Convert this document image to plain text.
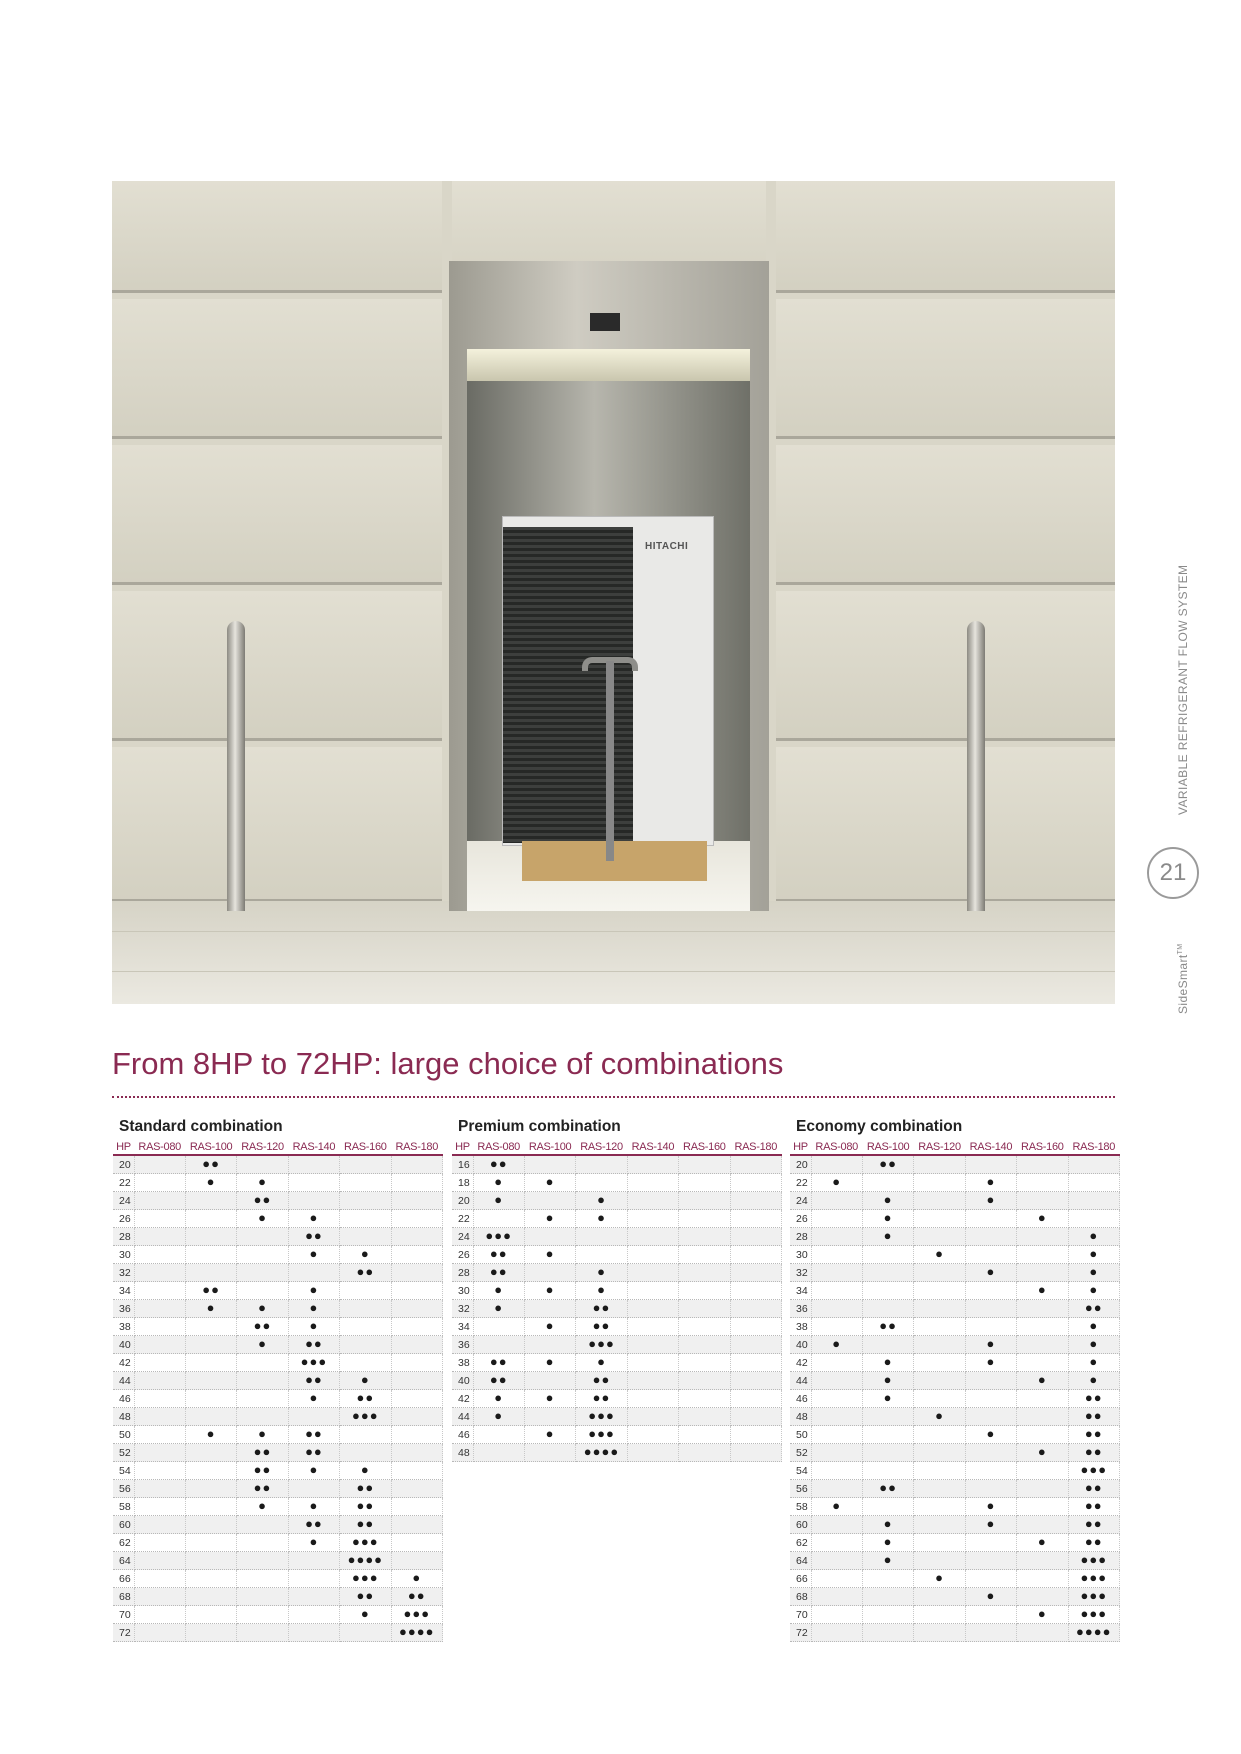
HITACHI
VARIABLE REFRIGERANT FLOW SYSTEM
21
SideSmart™
From 8HP to 72HP: large choice of combinations
Standard combination
HP	RAS-080	RAS-100	RAS-120	RAS-140	RAS-160	RAS-180
20		●●				
22		●	●			
24			●●			
26			●	●		
28				●●		
30				●	●	
32					●●	
34		●●		●		
36		●	●	●		
38			●●	●		
40			●	●●		
42				●●●		
44				●●	●	
46				●	●●	
48					●●●	
50		●	●	●●		
52			●●	●●		
54			●●	●	●	
56			●●		●●	
58			●	●	●●	
60				●●	●●	
62				●	●●●	
64					●●●●	
66					●●●	●
68					●●	●●
70					●	●●●
72						●●●●
Premium combination
HP	RAS-080	RAS-100	RAS-120	RAS-140	RAS-160	RAS-180
16	●●					
18	●	●				
20	●		●			
22		●	●			
24	●●●					
26	●●	●				
28	●●		●			
30	●	●	●			
32	●		●●			
34		●	●●			
36			●●●			
38	●●	●	●			
40	●●		●●			
42	●	●	●●			
44	●		●●●			
46		●	●●●			
48			●●●●			
Economy combination
HP	RAS-080	RAS-100	RAS-120	RAS-140	RAS-160	RAS-180
20		●●				
22	●			●		
24		●		●		
26		●			●	
28		●				●
30			●			●
32				●		●
34					●	●
36						●●
38		●●				●
40	●			●		●
42		●		●		●
44		●			●	●
46		●				●●
48			●			●●
50				●		●●
52					●	●●
54						●●●
56		●●				●●
58	●			●		●●
60		●		●		●●
62		●			●	●●
64		●				●●●
66			●			●●●
68				●		●●●
70					●	●●●
72						●●●●
